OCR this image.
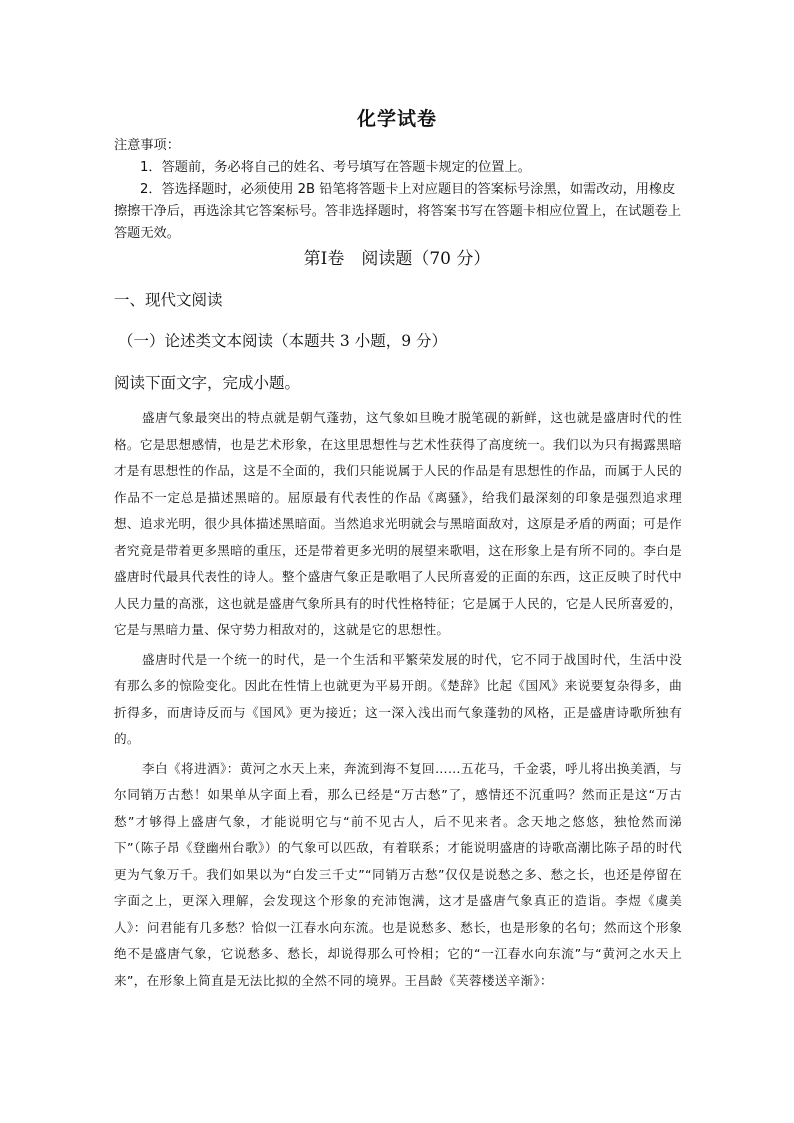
化学试卷

注意事项：

1．答题前，务必将自己的姓名、考号填写在答题卡规定的位置上。

2．答选择题时，必须使用 2B 铅笔将答题卡上对应题目的答案标号涂黑，如需改动，用橡皮擦擦干净后，再选涂其它答案标号。答非选择题时，将答案书写在答题卡相应位置上，在试题卷上答题无效。

第Ⅰ卷　阅读题（70 分）
一、现代文阅读
（一）论述类文本阅读（本题共 3 小题，9 分）
阅读下面文字，完成小题。

盛唐气象最突出的特点就是朝气蓬勃，这气象如旦晚才脱笔砚的新鲜，这也就是盛唐时代的性格。它是思想感情，也是艺术形象，在这里思想性与艺术性获得了高度统一。我们以为只有揭露黑暗才是有思想性的作品，这是不全面的，我们只能说属于人民的作品是有思想性的作品，而属于人民的作品不一定总是描述黑暗的。屈原最有代表性的作品《离骚》，给我们最深刻的印象是强烈追求理想、追求光明，很少具体描述黑暗面。当然追求光明就会与黑暗面敌对，这原是矛盾的两面；可是作者究竟是带着更多黑暗的重压，还是带着更多光明的展望来歌唱，这在形象上是有所不同的。李白是盛唐时代最具代表性的诗人。整个盛唐气象正是歌唱了人民所喜爱的正面的东西，这正反映了时代中人民力量的高涨，这也就是盛唐气象所具有的时代性格特征；它是属于人民的，它是人民所喜爱的，它是与黑暗力量、保守势力相敌对的，这就是它的思想性。

盛唐时代是一个统一的时代，是一个生活和平繁荣发展的时代，它不同于战国时代，生活中没有那么多的惊险变化。因此在性情上也就更为平易开朗。《楚辞》比起《国风》来说要复杂得多，曲折得多，而唐诗反而与《国风》更为接近；这一深入浅出而气象蓬勃的风格，正是盛唐诗歌所独有的。

李白《将进酒》：黄河之水天上来，奔流到海不复回……五花马，千金裘，呼儿将出换美酒，与尔同销万古愁！如果单从字面上看，那么已经是“万古愁”了，感情还不沉重吗？然而正是这“万古愁”才够得上盛唐气象，才能说明它与“前不见古人，后不见来者。念天地之悠悠，独怆然而涕下”（陈子昂《登幽州台歌》）的气象可以匹敌，有着联系；才能说明盛唐的诗歌高潮比陈子昂的时代更为气象万千。我们如果以为“白发三千丈”“同销万古愁”仅仅是说愁之多、愁之长，也还是停留在字面之上，更深入理解，会发现这个形象的充沛饱满，这才是盛唐气象真正的造诣。李煜《虞美人》：问君能有几多愁？恰似一江春水向东流。也是说愁多、愁长，也是形象的名句；然而这个形象绝不是盛唐气象，它说愁多、愁长，却说得那么可怜相；它的“一江春水向东流”与“黄河之水天上来”，在形象上简直是无法比拟的全然不同的境界。王昌龄《芙蓉楼送辛渐》：
